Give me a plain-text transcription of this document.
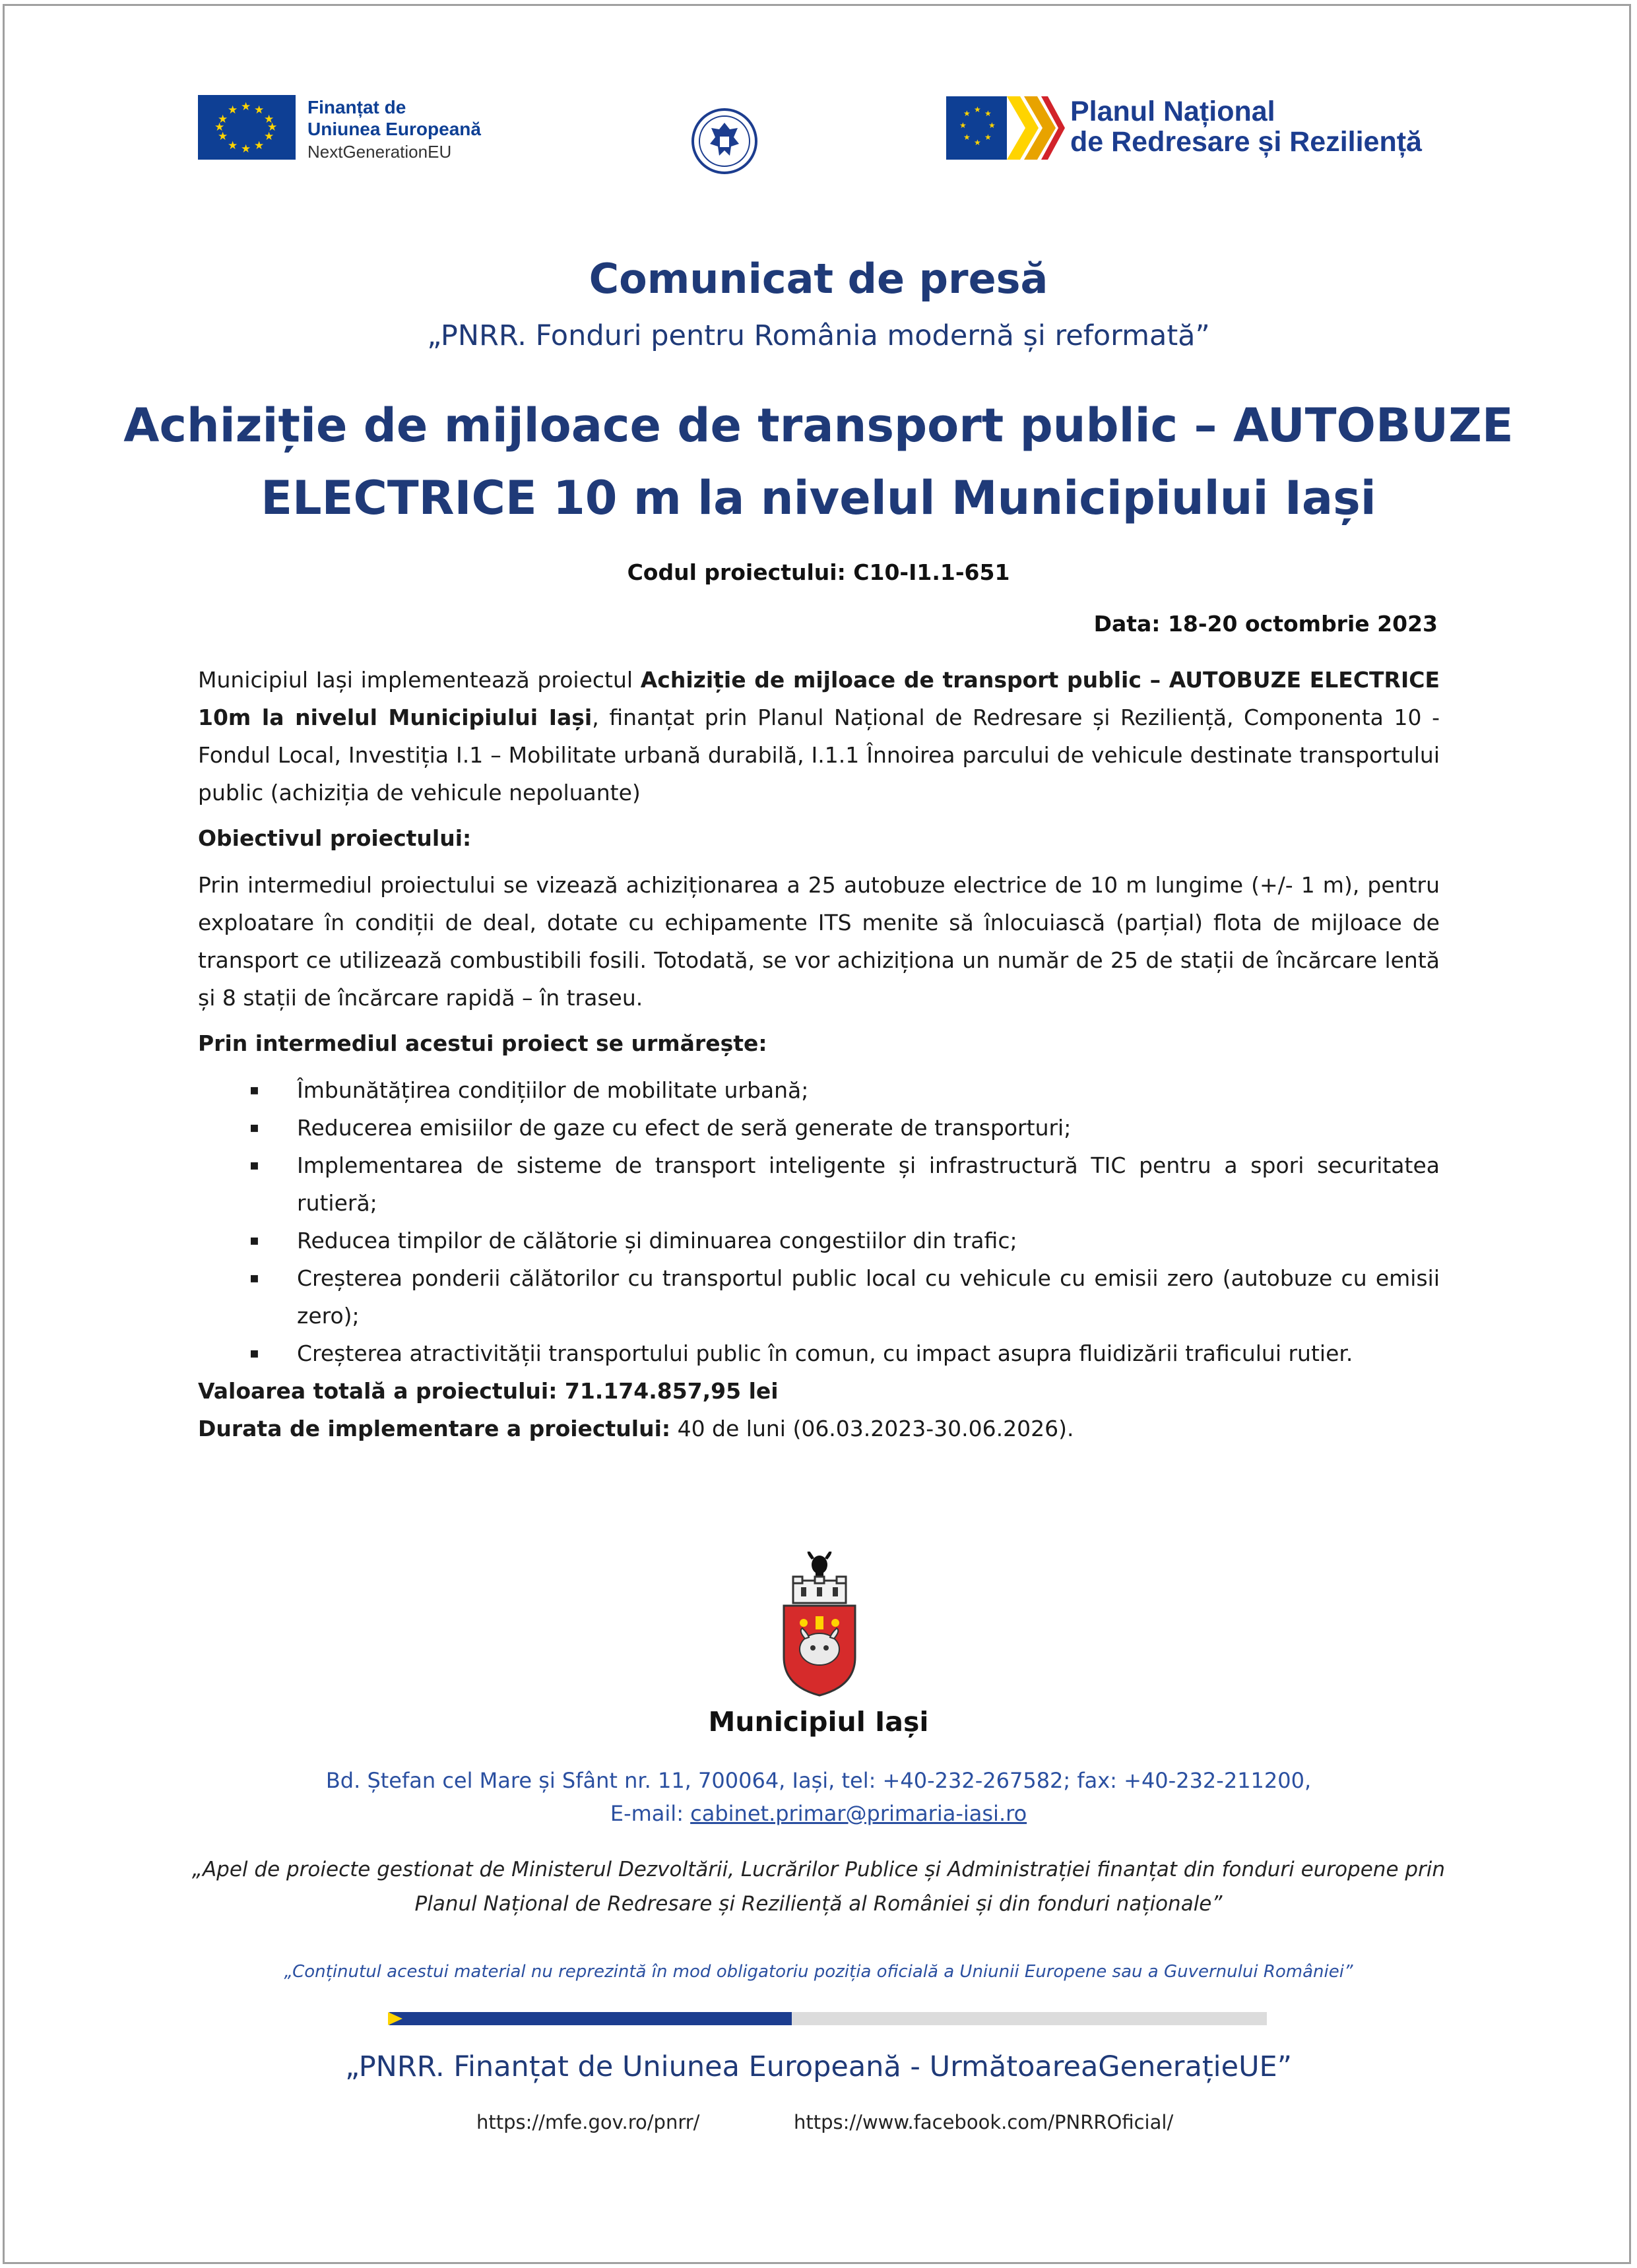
★ ★
★
★
★
★
★
★
★
★
★
★	Finanțat de
Uniunea Europeană
NextGenerationEU
★ ★
★
★
★
★
★
★	Planul Național
de Redresare și Reziliență
Comunicat de presă
„PNRR. Fonduri pentru România modernă și reformată”
Achiziție de mijloace de transport public – AUTOBUZE
ELECTRICE 10 m la nivelul Municipiului Iași
Codul proiectului: C10-I1.1-651
Data: 18-20 octombrie 2023

Municipiul Iași implementează proiectul Achiziție de mijloace de transport public – AUTOBUZE ELECTRICE 10m la nivelul Municipiului Iași, finanțat prin Planul Național de Redresare și Reziliență, Componenta 10 - Fondul Local, Investiția I.1 – Mobilitate urbană durabilă, I.1.1 Înnoirea parcului de vehicule destinate transportului public (achiziția de vehicule nepoluante)

Obiectivul proiectului:

Prin intermediul proiectului se vizează achiziționarea a 25 autobuze electrice de 10 m lungime (+/- 1 m), pentru exploatare în condiții de deal, dotate cu echipamente ITS menite să înlocuiască (parțial) flota de mijloace de transport ce utilizează combustibili fosili. Totodată, se vor achiziționa un număr de 25 de stații de încărcare lentă și 8 stații de încărcare rapidă – în traseu.

Prin intermediul acestui proiect se urmărește:

▪ Îmbunătățirea condițiilor de mobilitate urbană;
▪ Reducerea emisiilor de gaze cu efect de seră generate de transporturi;
▪ Implementarea de sisteme de transport inteligente și infrastructură TIC pentru a spori securitatea rutieră;
▪ Reducea timpilor de călătorie și diminuarea congestiilor din trafic;
▪ Creșterea ponderii călătorilor cu transportul public local cu vehicule cu emisii zero (autobuze cu emisii zero);
▪ Creșterea atractivității transportului public în comun, cu impact asupra fluidizării traficului rutier.

Valoarea totală a proiectului: 71.174.857,95 lei

Durata de implementare a proiectului: 40 de luni (06.03.2023-30.06.2026).

Municipiul Iași
Bd. Ștefan cel Mare și Sfânt nr. 11, 700064, Iași, tel: +40-232-267582; fax: +40-232-211200,
E-mail: cabinet.primar@primaria-iasi.ro
„Apel de proiecte gestionat de Ministerul Dezvoltării, Lucrărilor Publice și Administrației finanțat din fonduri europene prin
Planul Național de Redresare și Reziliență al României și din fonduri naționale”
„Conținutul acestui material nu reprezintă în mod obligatoriu poziția oficială a Uniunii Europene sau a Guvernului României”
„PNRR. Finanțat de Uniunea Europeană - UrmătoareaGenerațieUE”
https://mfe.gov.ro/pnrr/	https://www.facebook.com/PNRROficial/
